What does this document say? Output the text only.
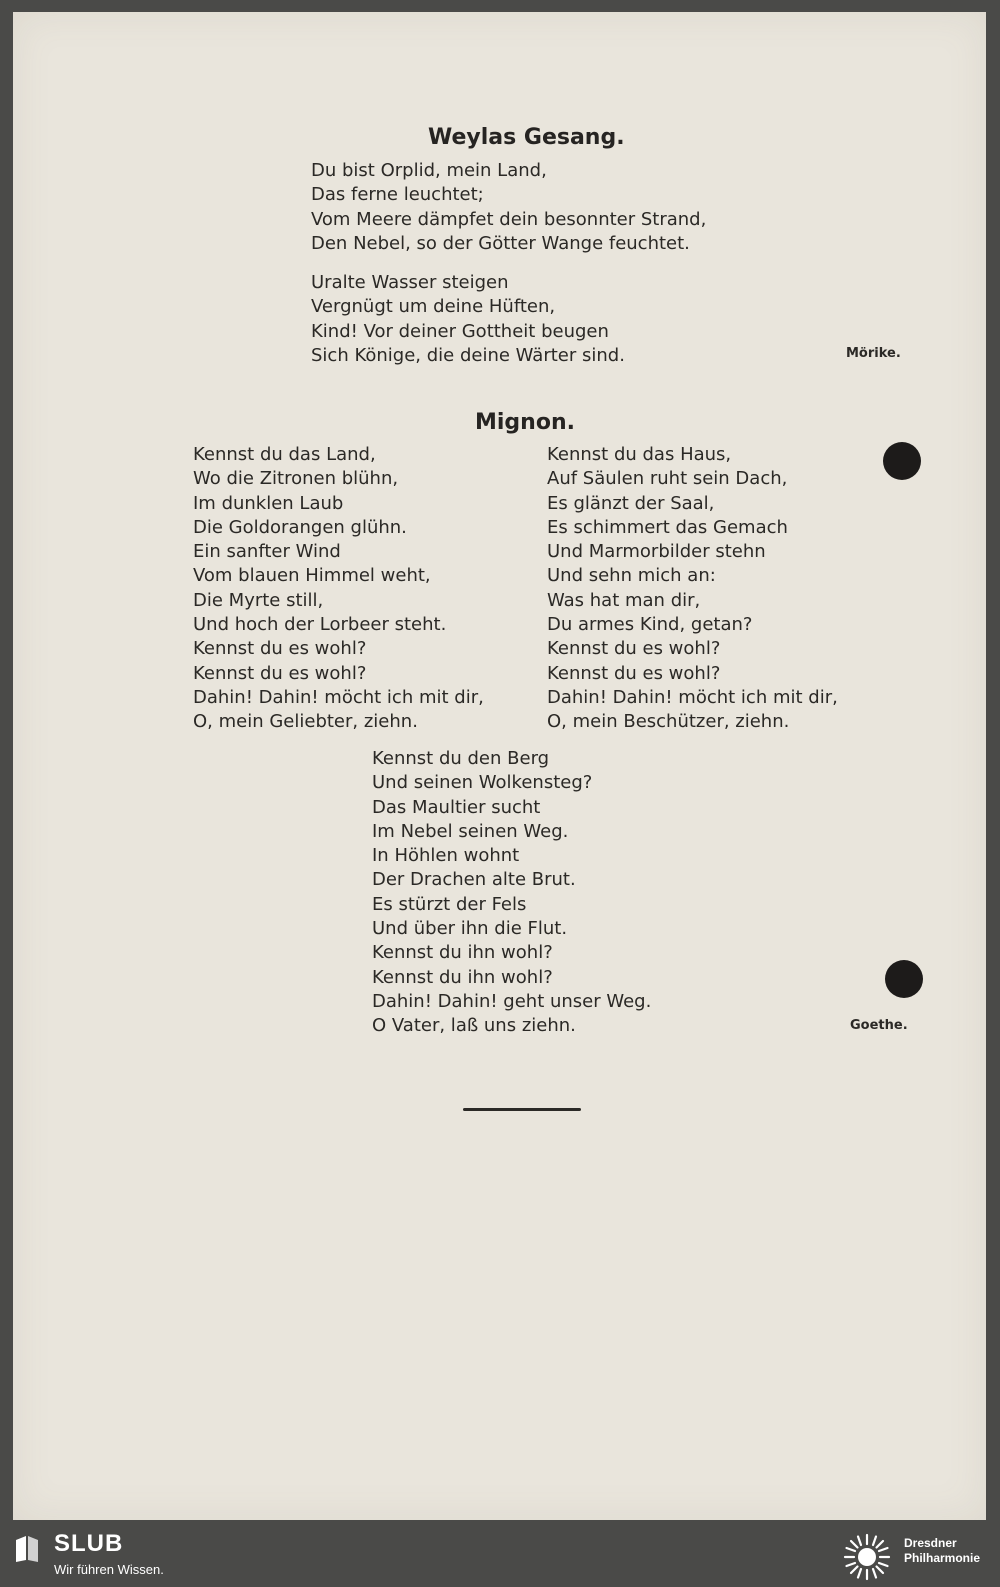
Weylas Gesang.
Du bist Orplid, mein Land,
Das ferne leuchtet;
Vom Meere dämpfet dein besonnter Strand,
Den Nebel, so der Götter Wange feuchtet.
Uralte Wasser steigen
Vergnügt um deine Hüften,
Kind! Vor deiner Gottheit beugen
Sich Könige, die deine Wärter sind.	Mörike.
Mignon.
Kennst du das Land,
Wo die Zitronen blühn,
Im dunklen Laub
Die Goldorangen glühn.
Ein sanfter Wind
Vom blauen Himmel weht,
Die Myrte still,
Und hoch der Lorbeer steht.
Kennst du es wohl?
Kennst du es wohl?
Dahin! Dahin! möcht ich mit dir,
O, mein Geliebter, ziehn.
Kennst du das Haus,
Auf Säulen ruht sein Dach,
Es glänzt der Saal,
Es schimmert das Gemach
Und Marmorbilder stehn
Und sehn mich an:
Was hat man dir,
Du armes Kind, getan?
Kennst du es wohl?
Kennst du es wohl?
Dahin! Dahin! möcht ich mit dir,
O, mein Beschützer, ziehn.
Kennst du den Berg
Und seinen Wolkensteg?
Das Maultier sucht
Im Nebel seinen Weg.
In Höhlen wohnt
Der Drachen alte Brut.
Es stürzt der Fels
Und über ihn die Flut.
Kennst du ihn wohl?
Kennst du ihn wohl?
Dahin! Dahin! geht unser Weg.
O Vater, laß uns ziehn.	Goethe.
SLUB
Wir führen Wissen.
Dresdner
Philharmonie
